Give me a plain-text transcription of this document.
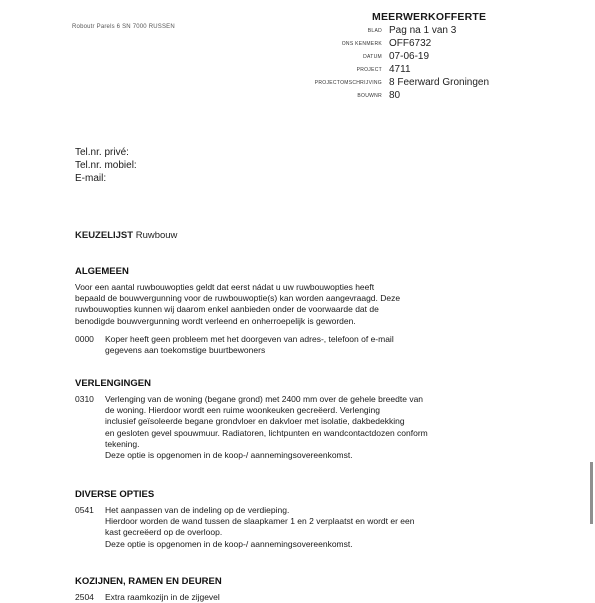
Roboutr Parels 6 SN 7000 RUSSEN
MEERWERKOFFERTE
BLAD Pag na 1 van 3
ONS KENMERK OFF6732
DATUM 07-06-19
PROJECT 4711
PROJECTOMSCHRIJVING 8 Feerward Groningen
BOUWNR 80
Tel.nr. privé:
Tel.nr. mobiel:
E-mail:
KEUZELIJST Ruwbouw
ALGEMEEN
Voor een aantal ruwbouwopties geldt dat eerst nádat u uw ruwbouwopties heeft
bepaald de bouwvergunning voor de ruwbouwoptie(s) kan worden aangevraagd. Deze
ruwbouwopties kunnen wij daarom enkel aanbieden onder de voorwaarde dat de
benodigde bouwvergunning wordt verleend en onherroepelijk is geworden.
0000	Koper heeft geen probleem met het doorgeven van adres-, telefoon of e-mail

gegevens aan toekomstige buurtbewoners

VERLENGINGEN
0310	Verlenging van de woning (begane grond) met 2400 mm over de gehele breedte van

de woning. Hierdoor wordt een ruime woonkeuken gecreëerd. Verlenging

inclusief geïsoleerde begane grondvloer en dakvloer met isolatie, dakbedekking

en gesloten gevel spouwmuur. Radiatoren, lichtpunten en wandcontactdozen conform

tekening.

Deze optie is opgenomen in de koop-/ aannemingsovereenkomst.

DIVERSE OPTIES
0541	Het aanpassen van de indeling op de verdieping.

Hierdoor worden de wand tussen de slaapkamer 1 en 2 verplaatst en wordt er een

kast gecreëerd op de overloop.

Deze optie is opgenomen in de koop-/ aannemingsovereenkomst.

KOZIJNEN, RAMEN EN DEUREN
2504	Extra raamkozijn in de zijgevel
